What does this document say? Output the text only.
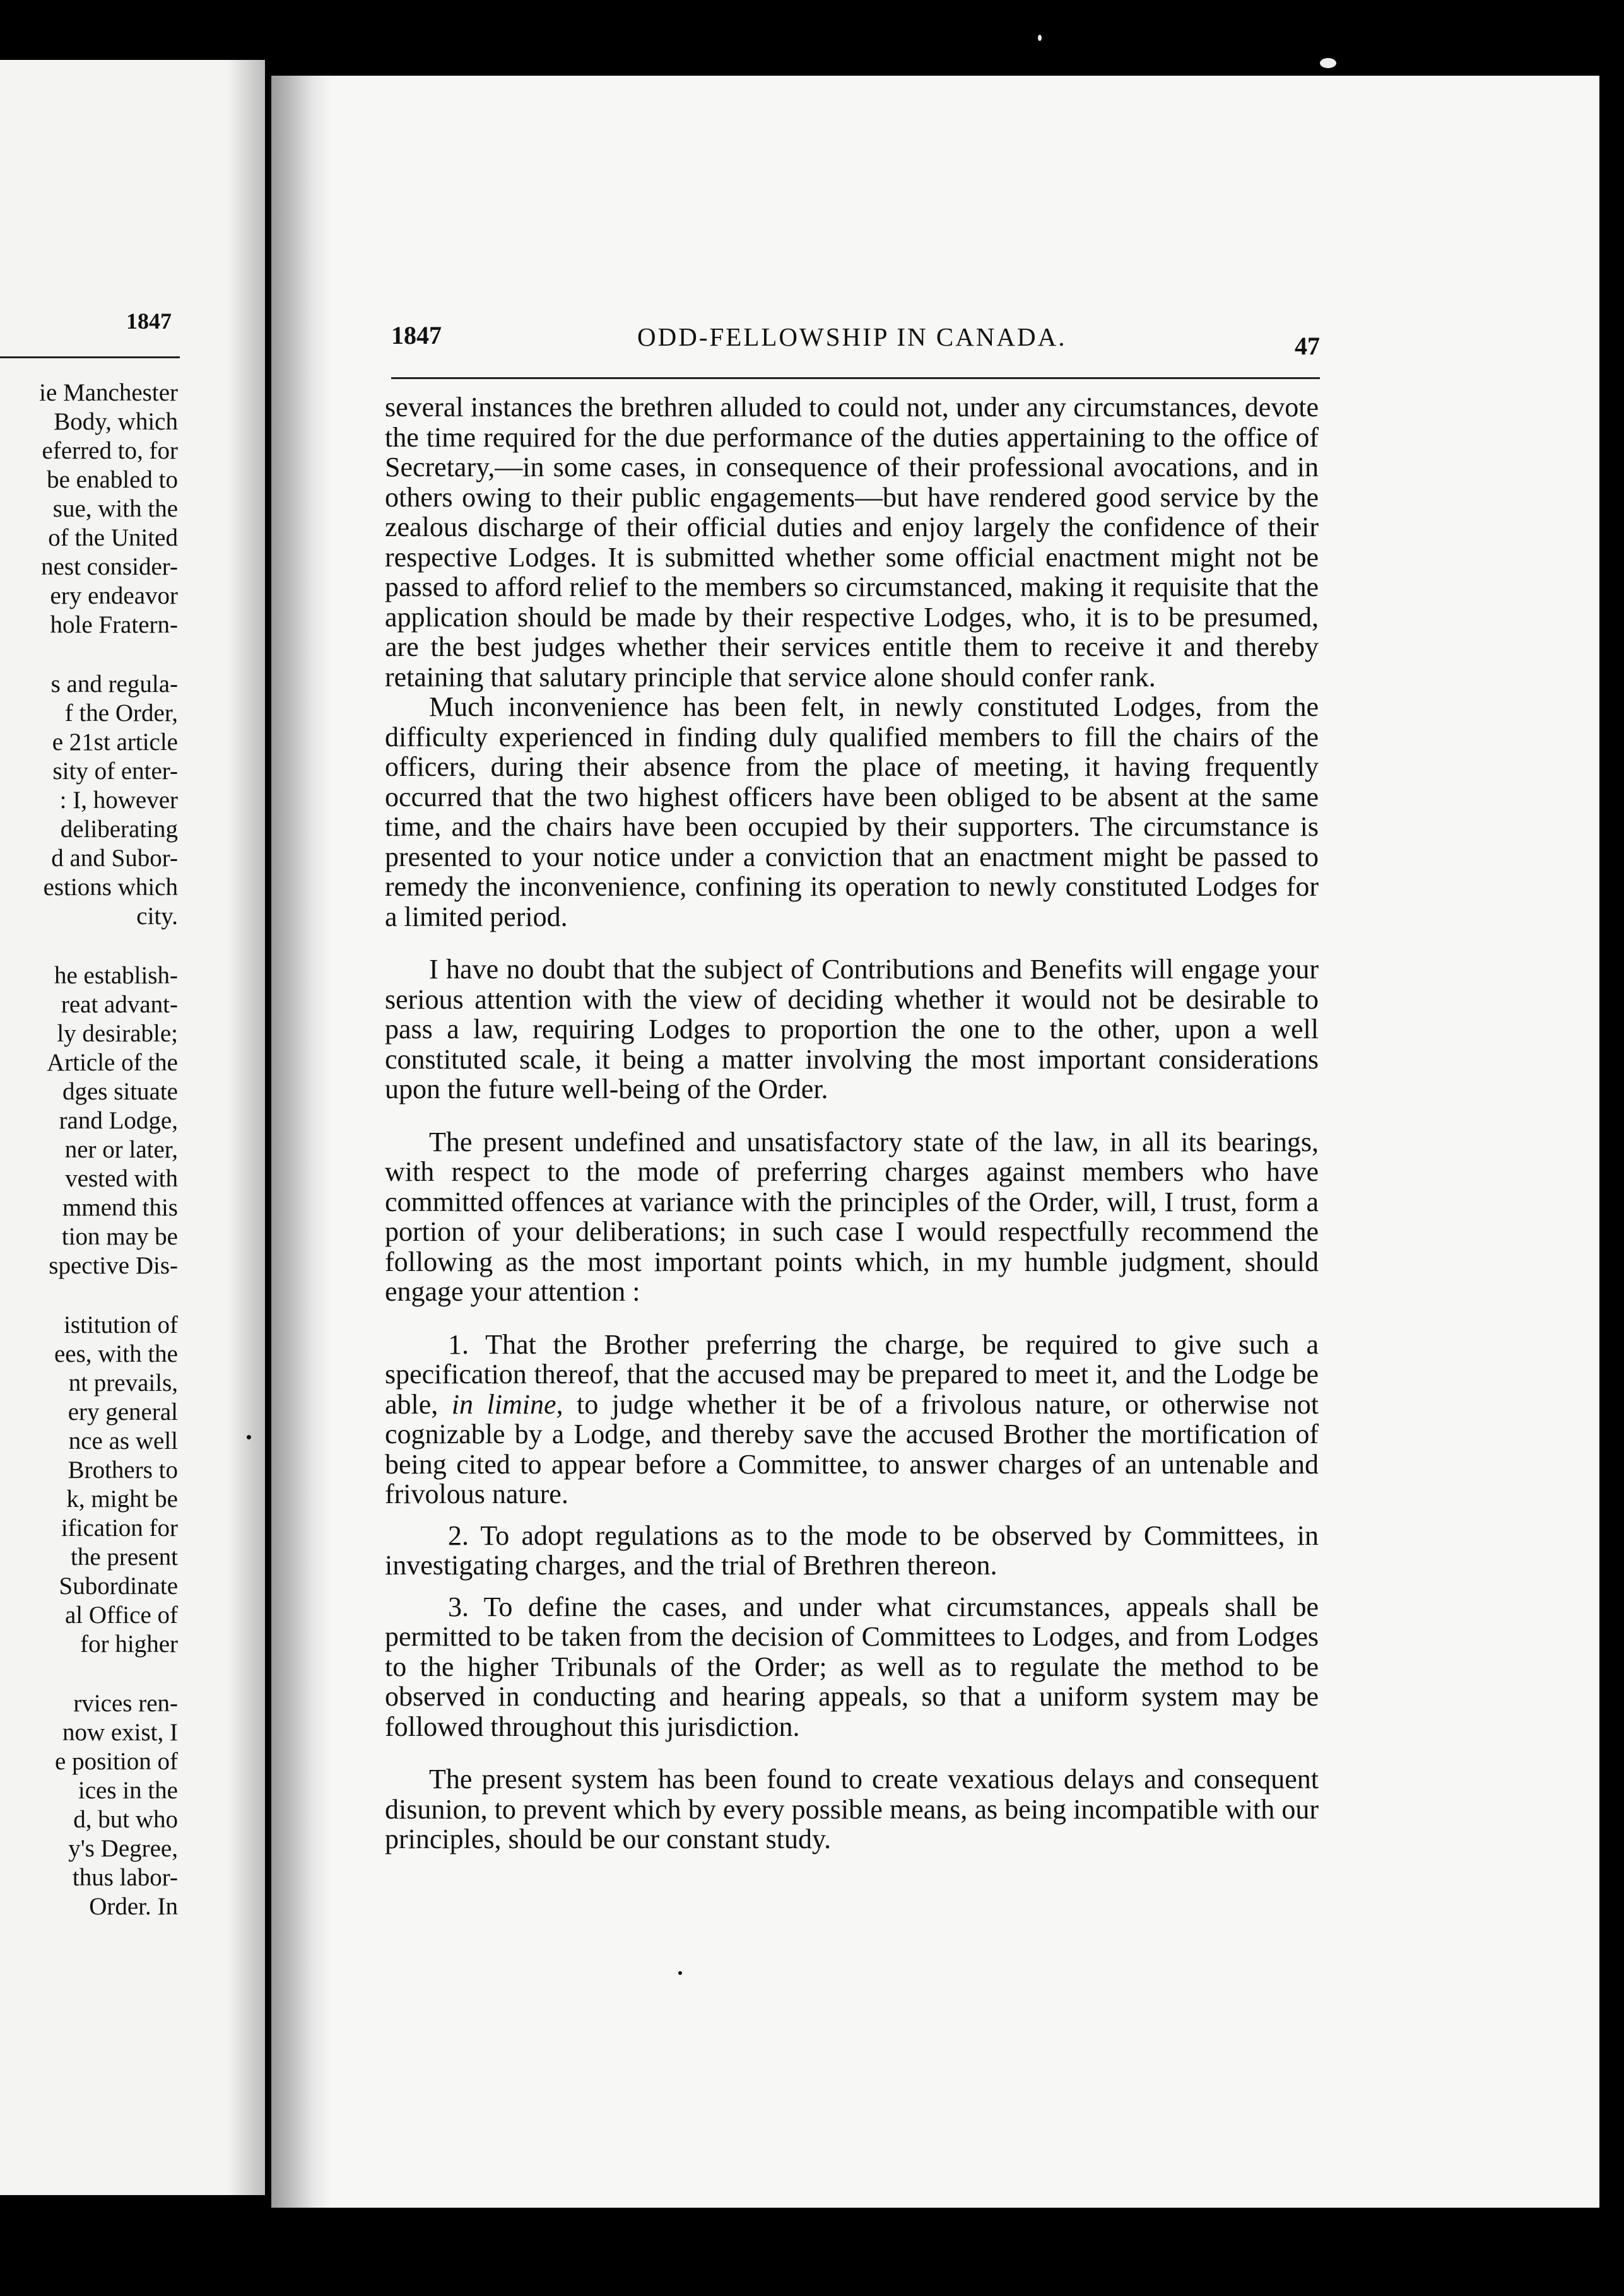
1847
ie Manchester
Body, which
eferred to, for
be enabled to
sue, with the
of the United
nest consider-
ery endeavor
hole Fratern-
s and regula-
f the Order,
e 21st article
sity of enter-
: I, however
deliberating
d and Subor-
estions which
city.
he establish-
reat advant-
ly desirable;
Article of the
dges situate
rand Lodge,
ner or later,
vested with
mmend this
tion may be
spective Dis-
istitution of
ees, with the
nt prevails,
ery general
nce as well
Brothers to
k, might be
ification for
the present
Subordinate
al Office of
for higher
rvices ren-
now exist, I
e position of
ices in the
d, but who
y's Degree,
thus labor-
Order. In
1847	ODD-FELLOWSHIP IN CANADA.	47

several instances the brethren alluded to could not, under any circumstances, devote the time required for the due performance of the duties appertaining to the office of Secretary,—in some cases, in consequence of their professional avocations, and in others owing to their public engagements—but have rendered good service by the zealous discharge of their official duties and enjoy largely the confidence of their respective Lodges. It is submitted whether some official enactment might not be passed to afford relief to the members so circumstanced, making it requisite that the application should be made by their respective Lodges, who, it is to be presumed, are the best judges whether their services entitle them to receive it and thereby retaining that salutary principle that service alone should confer rank.

Much inconvenience has been felt, in newly constituted Lodges, from the difficulty experienced in finding duly qualified members to fill the chairs of the officers, during their absence from the place of meeting, it having frequently occurred that the two highest officers have been obliged to be absent at the same time, and the chairs have been occupied by their supporters. The circumstance is presented to your notice under a conviction that an enactment might be passed to remedy the inconvenience, confining its operation to newly constituted Lodges for a limited period.

I have no doubt that the subject of Contributions and Benefits will engage your serious attention with the view of deciding whether it would not be desirable to pass a law, requiring Lodges to proportion the one to the other, upon a well constituted scale, it being a matter involving the most important considerations upon the future well-being of the Order.

The present undefined and unsatisfactory state of the law, in all its bearings, with respect to the mode of preferring charges against members who have committed offences at variance with the principles of the Order, will, I trust, form a portion of your deliberations; in such case I would respectfully recommend the following as the most important points which, in my humble judgment, should engage your attention :

1. That the Brother preferring the charge, be required to give such a specification thereof, that the accused may be prepared to meet it, and the Lodge be able, in limine, to judge whether it be of a frivolous nature, or otherwise not cognizable by a Lodge, and thereby save the accused Brother the mortification of being cited to appear before a Committee, to answer charges of an untenable and frivolous nature.

2. To adopt regulations as to the mode to be observed by Committees, in investigating charges, and the trial of Brethren thereon.

3. To define the cases, and under what circumstances, appeals shall be permitted to be taken from the decision of Committees to Lodges, and from Lodges to the higher Tribunals of the Order; as well as to regulate the method to be observed in conducting and hearing appeals, so that a uniform system may be followed throughout this jurisdiction.

The present system has been found to create vexatious delays and consequent disunion, to prevent which by every possible means, as being incompatible with our principles, should be our constant study.
